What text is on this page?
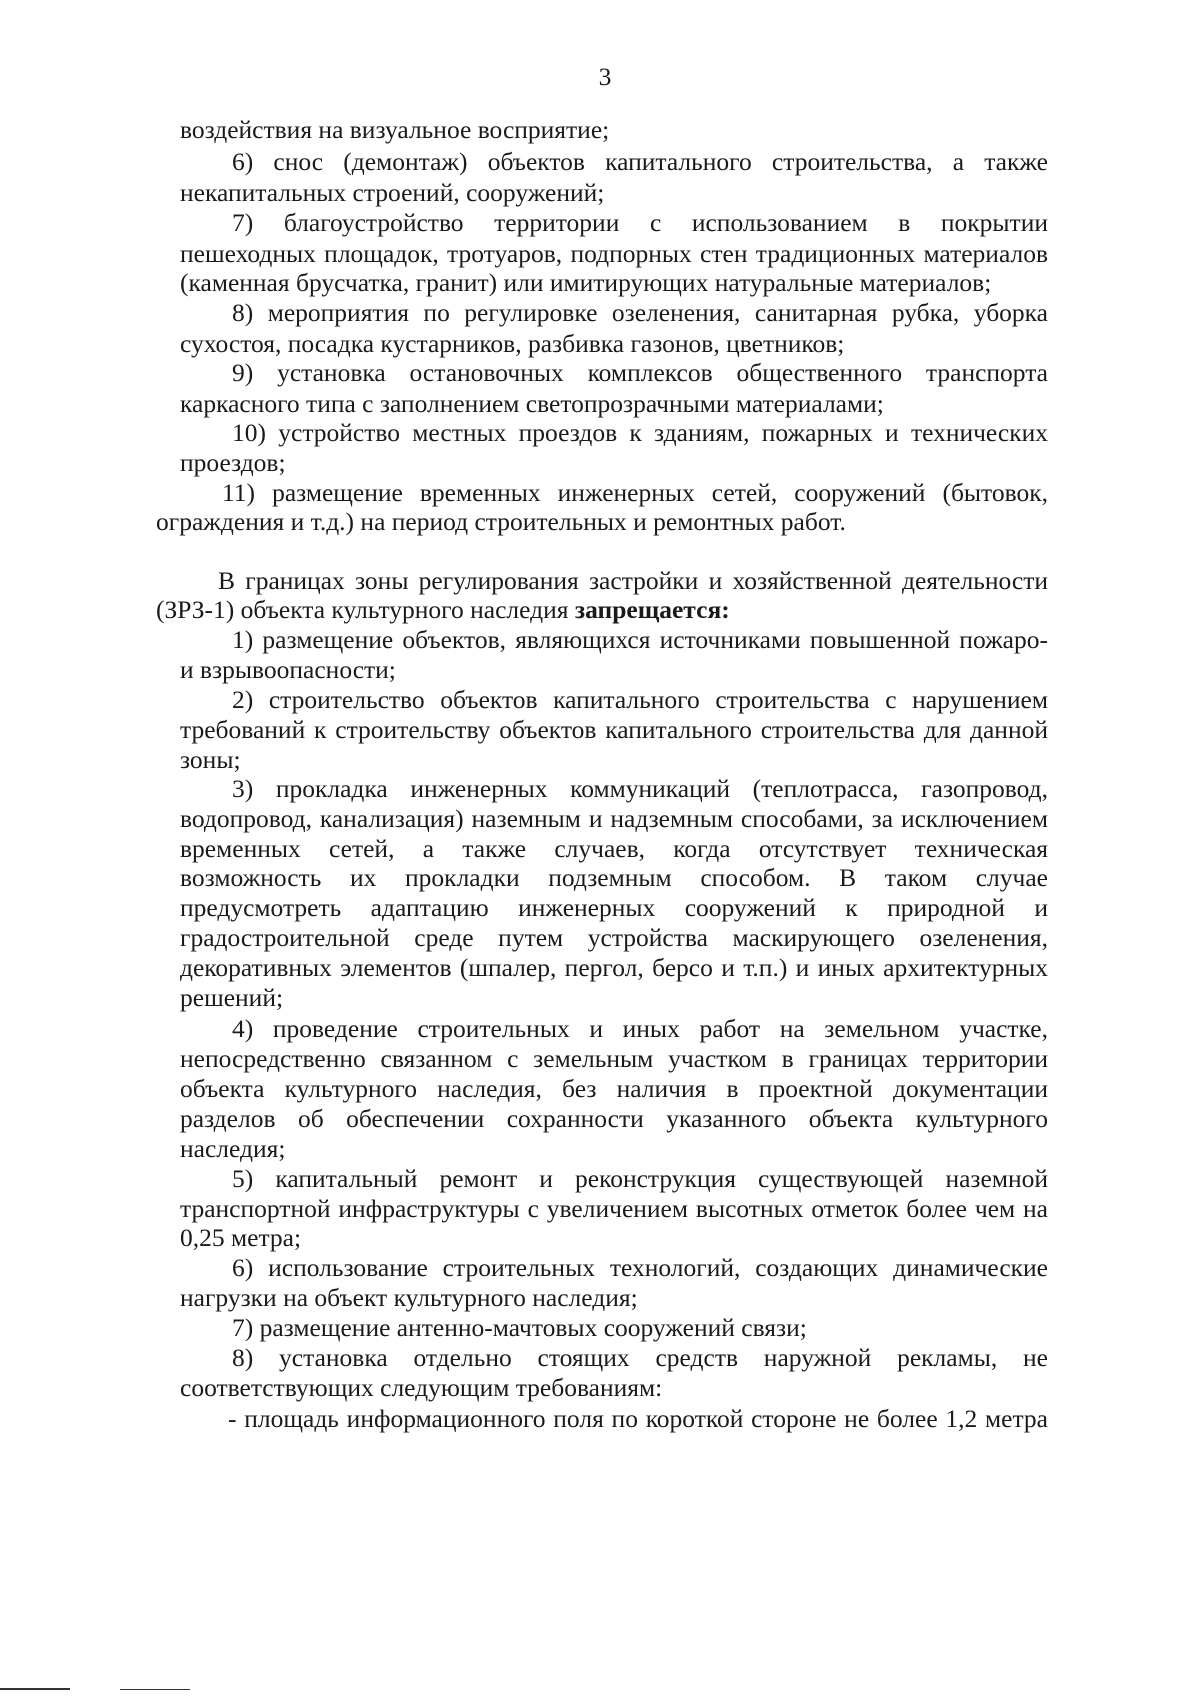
3
воздействия на визуальное восприятие;
6) снос (демонтаж) объектов капитального строительства, а также
некапитальных строений, сооружений;
7) благоустройство территории с использованием в покрытии
пешеходных площадок, тротуаров, подпорных стен традиционных материалов
(каменная брусчатка, гранит) или имитирующих натуральные материалов;
8) мероприятия по регулировке озеленения, санитарная рубка, уборка
сухостоя, посадка кустарников, разбивка газонов, цветников;
9) установка остановочных комплексов общественного транспорта
каркасного типа с заполнением светопрозрачными материалами;
10) устройство местных проездов к зданиям, пожарных и технических
проездов;
11) размещение временных инженерных сетей, сооружений (бытовок,
ограждения и т.д.) на период строительных и ремонтных работ.
В границах зоны регулирования застройки и хозяйственной деятельности
(ЗРЗ-1) объекта культурного наследия запрещается:
1) размещение объектов, являющихся источниками повышенной пожаро-
и взрывоопасности;
2) строительство объектов капитального строительства с нарушением
требований к строительству объектов капитального строительства для данной
зоны;
3) прокладка инженерных коммуникаций (теплотрасса, газопровод,
водопровод, канализация) наземным и надземным способами, за исключением
временных сетей, а также случаев, когда отсутствует техническая
возможность их прокладки подземным способом. В таком случае
предусмотреть адаптацию инженерных сооружений к природной и
градостроительной среде путем устройства маскирующего озеленения,
декоративных элементов (шпалер, пергол, берсо и т.п.) и иных архитектурных
решений;
4) проведение строительных и иных работ на земельном участке,
непосредственно связанном с земельным участком в границах территории
объекта культурного наследия, без наличия в проектной документации
разделов об обеспечении сохранности указанного объекта культурного
наследия;
5) капитальный ремонт и реконструкция существующей наземной
транспортной инфраструктуры с увеличением высотных отметок более чем на
0,25 метра;
6) использование строительных технологий, создающих динамические
нагрузки на объект культурного наследия;
7) размещение антенно-мачтовых сооружений связи;
8) установка отдельно стоящих средств наружной рекламы, не
соответствующих следующим требованиям:
- площадь информационного поля по короткой стороне не более 1,2 метра
